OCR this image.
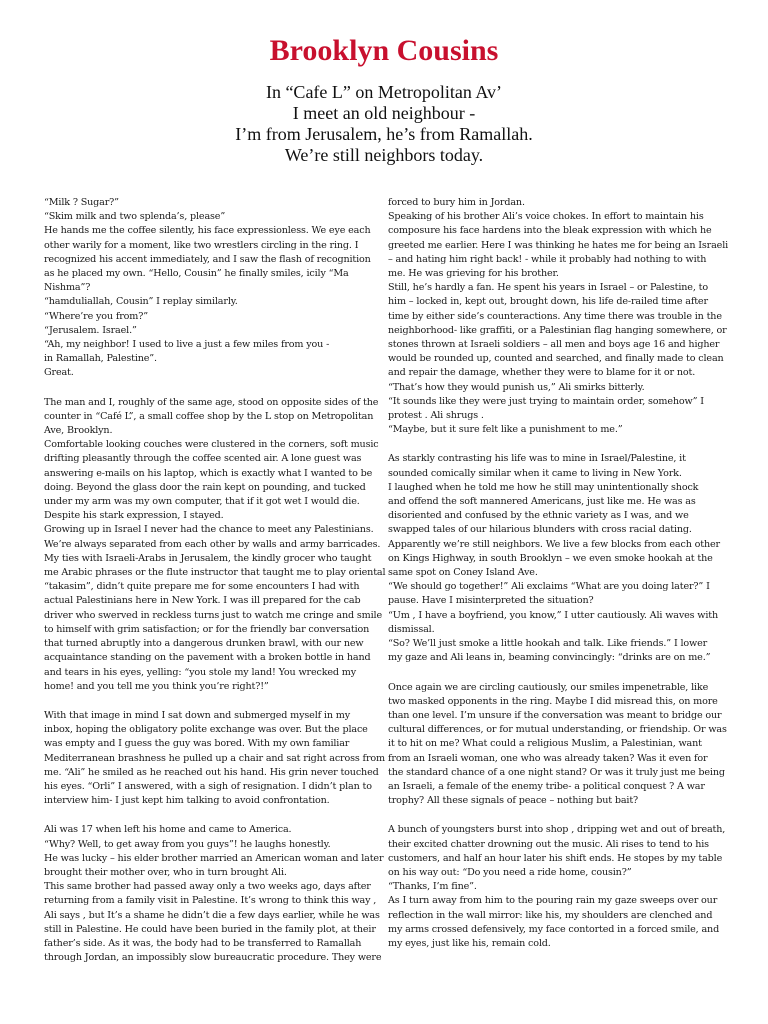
Brooklyn Cousins
In “Cafe L” on Metropolitan Av’
I meet an old neighbour -
I’m from Jerusalem, he’s from Ramallah.
We’re still neighbors today.

“Milk ? Sugar?”
“Skim milk and two splenda’s, please”
He hands me the coffee silently, his face expressionless. We eye each
other warily for a moment, like two wrestlers circling in the ring. I
recognized his accent immediately, and I saw the flash of recognition
as he placed my own. “Hello, Cousin” he finally smiles, icily “Ma
Nishma”?
“hamduliallah, Cousin” I replay similarly.
“Where’re you from?”
“Jerusalem. Israel.”
“Ah, my neighbor! I used to live a just a few miles from you -
in Ramallah, Palestine”.
Great.

The man and I, roughly of the same age, stood on opposite sides of the
counter in “Café L”, a small coffee shop by the L stop on Metropolitan
Ave, Brooklyn.
Comfortable looking couches were clustered in the corners, soft music
drifting pleasantly through the coffee scented air. A lone guest was
answering e-mails on his laptop, which is exactly what I wanted to be
doing. Beyond the glass door the rain kept on pounding, and tucked
under my arm was my own computer, that if it got wet I would die.
Despite his stark expression, I stayed.
Growing up in Israel I never had the chance to meet any Palestinians.
We’re always separated from each other by walls and army barricades.
My ties with Israeli-Arabs in Jerusalem, the kindly grocer who taught
me Arabic phrases or the flute instructor that taught me to play oriental
“takasim”, didn’t quite prepare me for some encounters I had with
actual Palestinians here in New York. I was ill prepared for the cab
driver who swerved in reckless turns just to watch me cringe and smile
to himself with grim satisfaction; or for the friendly bar conversation
that turned abruptly into a dangerous drunken brawl, with our new
acquaintance standing on the pavement with a broken bottle in hand
and tears in his eyes, yelling: “you stole my land! You wrecked my
home! and you tell me you think you’re right?!”

With that image in mind I sat down and submerged myself in my
inbox, hoping the obligatory polite exchange was over. But the place
was empty and I guess the guy was bored. With my own familiar
Mediterranean brashness he pulled up a chair and sat right across from
me. “Ali” he smiled as he reached out his hand. His grin never touched
his eyes. “Orli” I answered, with a sigh of resignation. I didn’t plan to
interview him- I just kept him talking to avoid confrontation.

Ali was 17 when left his home and came to America.
“Why? Well, to get away from you guys”! he laughs honestly.
He was lucky – his elder brother married an American woman and later
brought their mother over, who in turn brought Ali.
This same brother had passed away only a two weeks ago, days after
returning from a family visit in Palestine. It’s wrong to think this way ,
Ali says , but It’s a shame he didn’t die a few days earlier, while he was
still in Palestine. He could have been buried in the family plot, at their
father’s side. As it was, the body had to be transferred to Ramallah
through Jordan, an impossibly slow bureaucratic procedure. They were

forced to bury him in Jordan.
Speaking of his brother Ali’s voice chokes. In effort to maintain his
composure his face hardens into the bleak expression with which he
greeted me earlier. Here I was thinking he hates me for being an Israeli
– and hating him right back! - while it probably had nothing to with
me. He was grieving for his brother.
Still, he’s hardly a fan. He spent his years in Israel – or Palestine, to
him – locked in, kept out, brought down, his life de-railed time after
time by either side’s counteractions. Any time there was trouble in the
neighborhood- like graffiti, or a Palestinian flag hanging somewhere, or
stones thrown at Israeli soldiers – all men and boys age 16 and higher
would be rounded up, counted and searched, and finally made to clean
and repair the damage, whether they were to blame for it or not.
“That’s how they would punish us,” Ali smirks bitterly.
“It sounds like they were just trying to maintain order, somehow” I
protest . Ali shrugs .
“Maybe, but it sure felt like a punishment to me.”

As starkly contrasting his life was to mine in Israel/Palestine, it
sounded comically similar when it came to living in New York.
I laughed when he told me how he still may unintentionally shock
and offend the soft mannered Americans, just like me. He was as
disoriented and confused by the ethnic variety as I was, and we
swapped tales of our hilarious blunders with cross racial dating.
Apparently we’re still neighbors. We live a few blocks from each other
on Kings Highway, in south Brooklyn – we even smoke hookah at the
same spot on Coney Island Ave.
“We should go together!” Ali exclaims “What are you doing later?” I
pause. Have I misinterpreted the situation?
“Um , I have a boyfriend, you know,” I utter cautiously. Ali waves with
dismissal.
“So? We’ll just smoke a little hookah and talk. Like friends.” I lower
my gaze and Ali leans in, beaming convincingly: “drinks are on me.”

Once again we are circling cautiously, our smiles impenetrable, like
two masked opponents in the ring. Maybe I did misread this, on more
than one level. I’m unsure if the conversation was meant to bridge our
cultural differences, or for mutual understanding, or friendship. Or was
it to hit on me? What could a religious Muslim, a Palestinian, want
from an Israeli woman, one who was already taken? Was it even for
the standard chance of a one night stand? Or was it truly just me being
an Israeli, a female of the enemy tribe- a political conquest ? A war
trophy? All these signals of peace – nothing but bait?

A bunch of youngsters burst into shop , dripping wet and out of breath,
their excited chatter drowning out the music. Ali rises to tend to his
customers, and half an hour later his shift ends. He stopes by my table
on his way out: “Do you need a ride home, cousin?”
“Thanks, I’m fine”.
As I turn away from him to the pouring rain my gaze sweeps over our
reflection in the wall mirror: like his, my shoulders are clenched and
my arms crossed defensively, my face contorted in a forced smile, and
my eyes, just like his, remain cold.
